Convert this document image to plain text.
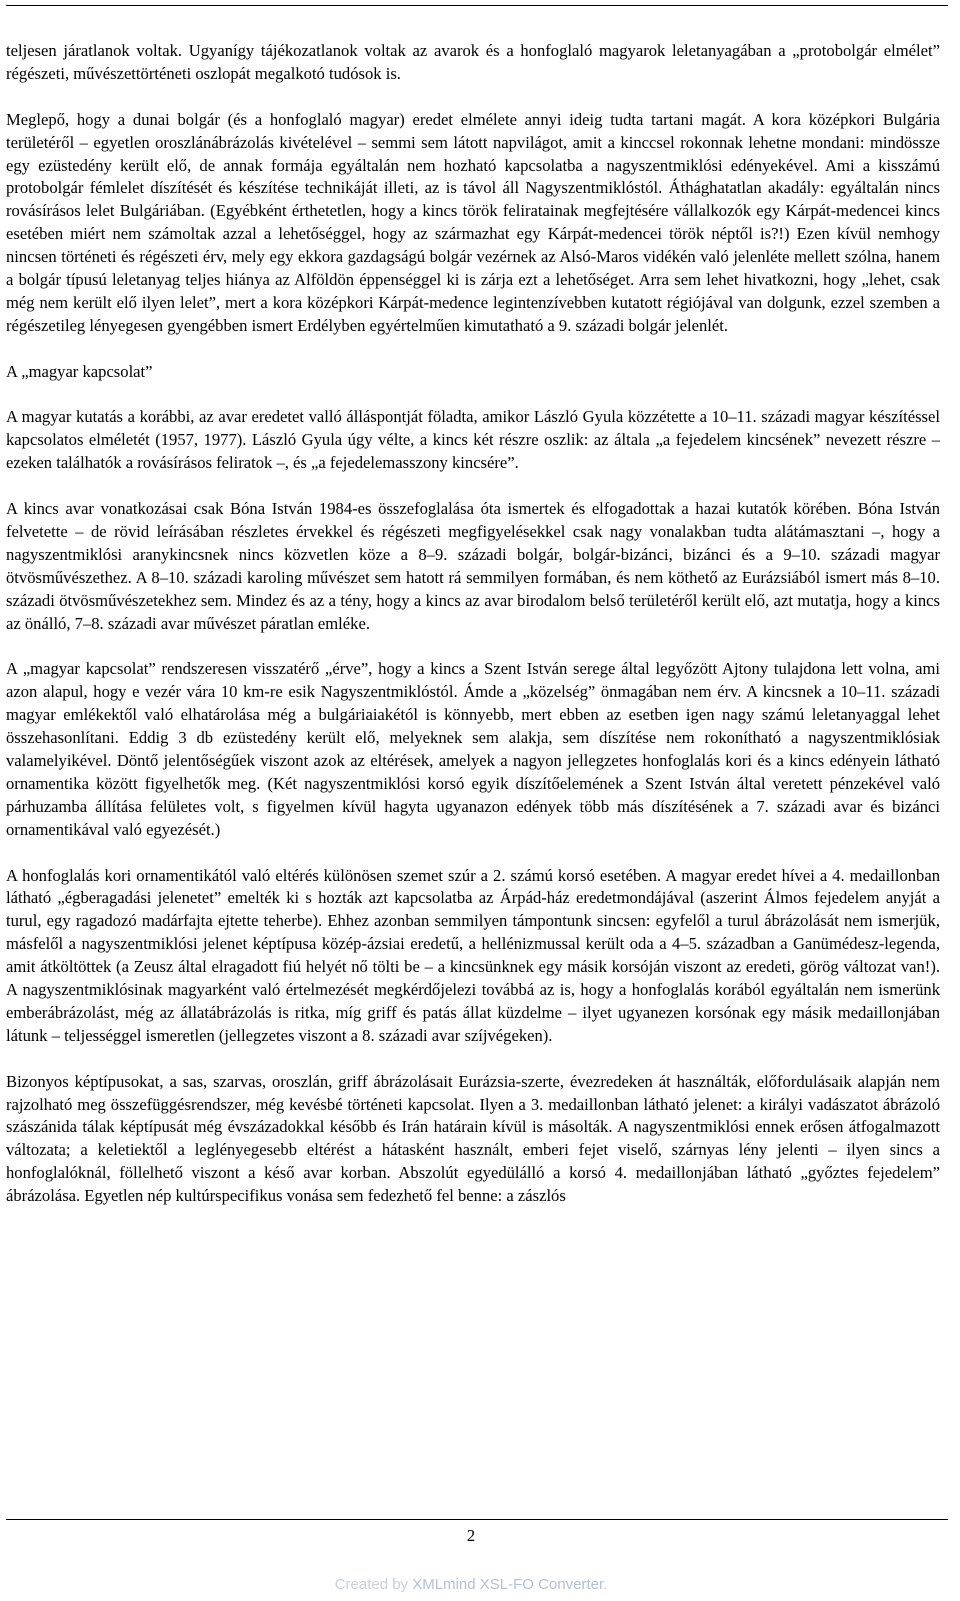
teljesen járatlanok voltak. Ugyanígy tájékozatlanok voltak az avarok és a honfoglaló magyarok leletanyagában a „protobolgár elmélet” régészeti, művészettörténeti oszlopát megalkotó tudósok is.

Meglepő, hogy a dunai bolgár (és a honfoglaló magyar) eredet elmélete annyi ideig tudta tartani magát. A kora középkori Bulgária területéről – egyetlen oroszlánábrázolás kivételével – semmi sem látott napvilágot, amit a kinccsel rokonnak lehetne mondani: mindössze egy ezüstedény került elő, de annak formája egyáltalán nem hozható kapcsolatba a nagyszentmiklósi edényekével. Ami a kisszámú protobolgár fémlelet díszítését és készítése technikáját illeti, az is távol áll Nagyszentmiklóstól. Áthághatatlan akadály: egyáltalán nincs rovásírásos lelet Bulgáriában. (Egyébként érthetetlen, hogy a kincs török feliratainak megfejtésére vállalkozók egy Kárpát-medencei kincs esetében miért nem számoltak azzal a lehetőséggel, hogy az származhat egy Kárpát-medencei török néptől is?!) Ezen kívül nemhogy nincsen történeti és régészeti érv, mely egy ekkora gazdagságú bolgár vezérnek az Alsó-Maros vidékén való jelenléte mellett szólna, hanem a bolgár típusú leletanyag teljes hiánya az Alföldön éppenséggel ki is zárja ezt a lehetőséget. Arra sem lehet hivatkozni, hogy „lehet, csak még nem került elő ilyen lelet”, mert a kora középkori Kárpát-medence legintenzívebben kutatott régiójával van dolgunk, ezzel szemben a régészetileg lényegesen gyengébben ismert Erdélyben egyértelműen kimutatható a 9. századi bolgár jelenlét.

A „magyar kapcsolat”

A magyar kutatás a korábbi, az avar eredetet valló álláspontját föladta, amikor László Gyula közzétette a 10–11. századi magyar készítéssel kapcsolatos elméletét (1957, 1977). László Gyula úgy vélte, a kincs két részre oszlik: az általa „a fejedelem kincsének” nevezett részre – ezeken találhatók a rovásírásos feliratok –, és „a fejedelemasszony kincsére”.

A kincs avar vonatkozásai csak Bóna István 1984-es összefoglalása óta ismertek és elfogadottak a hazai kutatók körében. Bóna István felvetette – de rövid leírásában részletes érvekkel és régészeti megfigyelésekkel csak nagy vonalakban tudta alátámasztani –, hogy a nagyszentmiklósi aranykincsnek nincs közvetlen köze a 8–9. századi bolgár, bolgár-bizánci, bizánci és a 9–10. századi magyar ötvösművészethez. A 8–10. századi karoling művészet sem hatott rá semmilyen formában, és nem köthető az Eurázsiából ismert más 8–10. századi ötvösművészetekhez sem. Mindez és az a tény, hogy a kincs az avar birodalom belső területéről került elő, azt mutatja, hogy a kincs az önálló, 7–8. századi avar művészet páratlan emléke.

A „magyar kapcsolat” rendszeresen visszatérő „érve”, hogy a kincs a Szent István serege által legyőzött Ajtony tulajdona lett volna, ami azon alapul, hogy e vezér vára 10 km-re esik Nagyszentmiklóstól. Ámde a „közelség” önmagában nem érv. A kincsnek a 10–11. századi magyar emlékektől való elhatárolása még a bulgáriaiakétól is könnyebb, mert ebben az esetben igen nagy számú leletanyaggal lehet összehasonlítani. Eddig 3 db ezüstedény került elő, melyeknek sem alakja, sem díszítése nem rokonítható a nagyszentmiklósiak valamelyikével. Döntő jelentőségűek viszont azok az eltérések, amelyek a nagyon jellegzetes honfoglalás kori és a kincs edényein látható ornamentika között figyelhetők meg. (Két nagyszentmiklósi korsó egyik díszítőelemének a Szent István által veretett pénzekével való párhuzamba állítása felületes volt, s figyelmen kívül hagyta ugyanazon edények több más díszítésének a 7. századi avar és bizánci ornamentikával való egyezését.)

A honfoglalás kori ornamentikától való eltérés különösen szemet szúr a 2. számú korsó esetében. A magyar eredet hívei a 4. medaillonban látható „égberagadási jelenetet” emelték ki s hozták azt kapcsolatba az Árpád-ház eredetmondájával (aszerint Álmos fejedelem anyját a turul, egy ragadozó madárfajta ejtette teherbe). Ehhez azonban semmilyen támpontunk sincsen: egyfelől a turul ábrázolását nem ismerjük, másfelől a nagyszentmiklósi jelenet képtípusa közép-ázsiai eredetű, a hellénizmussal került oda a 4–5. században a Ganümédesz-legenda, amit átköltöttek (a Zeusz által elragadott fiú helyét nő tölti be – a kincsünknek egy másik korsóján viszont az eredeti, görög változat van!). A nagyszentmiklósinak magyarként való értelmezését megkérdőjelezi továbbá az is, hogy a honfoglalás korából egyáltalán nem ismerünk emberábrázolást, még az állatábrázolás is ritka, míg griff és patás állat küzdelme – ilyet ugyanezen korsónak egy másik medaillonjában látunk – teljességgel ismeretlen (jellegzetes viszont a 8. századi avar szíjvégeken).

Bizonyos képtípusokat, a sas, szarvas, oroszlán, griff ábrázolásait Eurázsia-szerte, évezredeken át használták, előfordulásaik alapján nem rajzolható meg összefüggésrendszer, még kevésbé történeti kapcsolat. Ilyen a 3. medaillonban látható jelenet: a királyi vadászatot ábrázoló szászánida tálak képtípusát még évszázadokkal később és Irán határain kívül is másolták. A nagyszentmiklósi ennek erősen átfogalmazott változata; a keletiektől a leglényegesebb eltérést a hátasként használt, emberi fejet viselő, szárnyas lény jelenti – ilyen sincs a honfoglalóknál, föllelhető viszont a késő avar korban. Abszolút egyedülálló a korsó 4. medaillonjában látható „győztes fejedelem” ábrázolása. Egyetlen nép kultúrspecifikus vonása sem fedezhető fel benne: a zászlós

2
Created by XMLmind XSL-FO Converter.
